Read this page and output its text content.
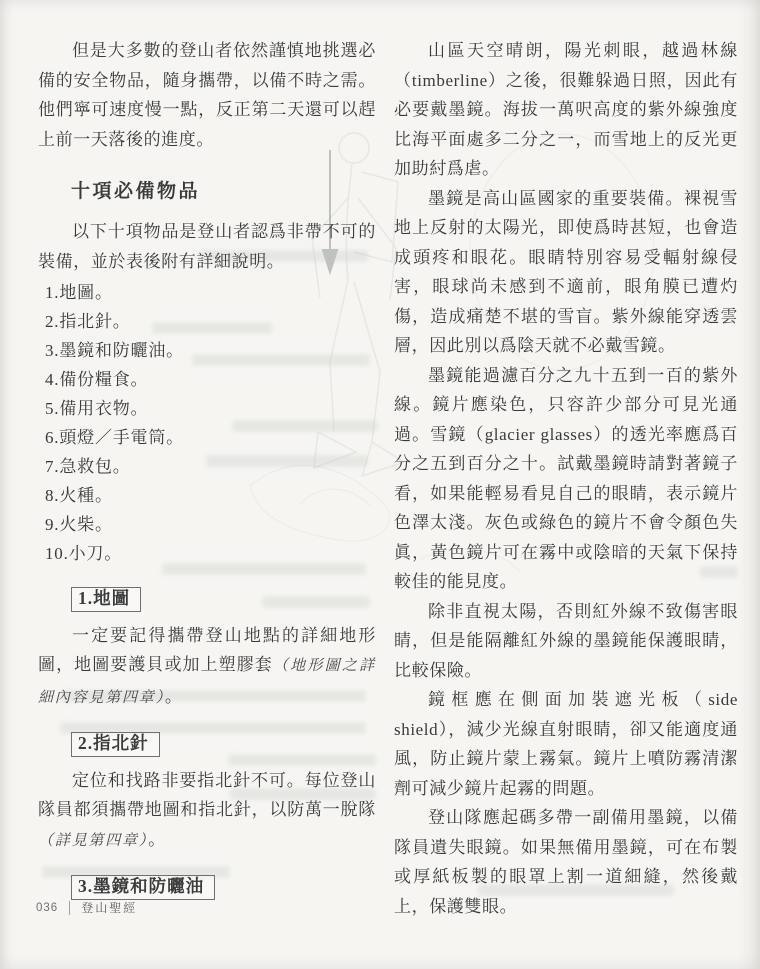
但是大多數的登山者依然謹慎地挑選必備的安全物品，隨身攜帶，以備不時之需。他們寧可速度慢一點，反正第二天還可以趕上前一天落後的進度。

十項必備物品

以下十項物品是登山者認爲非帶不可的裝備，並於表後附有詳細說明。

1.地圖。
2.指北針。
3.墨鏡和防曬油。
4.備份糧食。
5.備用衣物。
6.頭燈／手電筒。
7.急救包。
8.火種。
9.火柴。
10.小刀。
1.地圖

一定要記得攜帶登山地點的詳細地形圖，地圖要護貝或加上塑膠套（地形圖之詳細內容見第四章）。

2.指北針

定位和找路非要指北針不可。每位登山隊員都須攜帶地圖和指北針，以防萬一脫隊（詳見第四章）。

3.墨鏡和防曬油

山區天空晴朗，陽光刺眼，越過林線（timberline）之後，很難躲過日照，因此有必要戴墨鏡。海拔一萬呎高度的紫外線強度比海平面處多二分之一，而雪地上的反光更加助紂爲虐。

墨鏡是高山區國家的重要裝備。裸視雪地上反射的太陽光，即使爲時甚短，也會造成頭疼和眼花。眼睛特別容易受輻射線侵害，眼球尚未感到不適前，眼角膜已遭灼傷，造成痛楚不堪的雪盲。紫外線能穿透雲層，因此別以爲陰天就不必戴雪鏡。

墨鏡能過濾百分之九十五到一百的紫外線。鏡片應染色，只容許少部分可見光通過。雪鏡（glacier glasses）的透光率應爲百分之五到百分之十。試戴墨鏡時請對著鏡子看，如果能輕易看見自己的眼睛，表示鏡片色澤太淺。灰色或綠色的鏡片不會令顏色失眞，黃色鏡片可在霧中或陰暗的天氣下保持較佳的能見度。

除非直視太陽，否則紅外線不致傷害眼睛，但是能隔離紅外線的墨鏡能保護眼睛，比較保險。

鏡框應在側面加裝遮光板（side shield），減少光線直射眼睛，卻又能適度通風，防止鏡片蒙上霧氣。鏡片上噴防霧清潔劑可減少鏡片起霧的問題。

登山隊應起碼多帶一副備用墨鏡，以備隊員遺失眼鏡。如果無備用墨鏡，可在布製或厚紙板製的眼罩上割一道細縫，然後戴上，保護雙眼。

036 登山聖經
